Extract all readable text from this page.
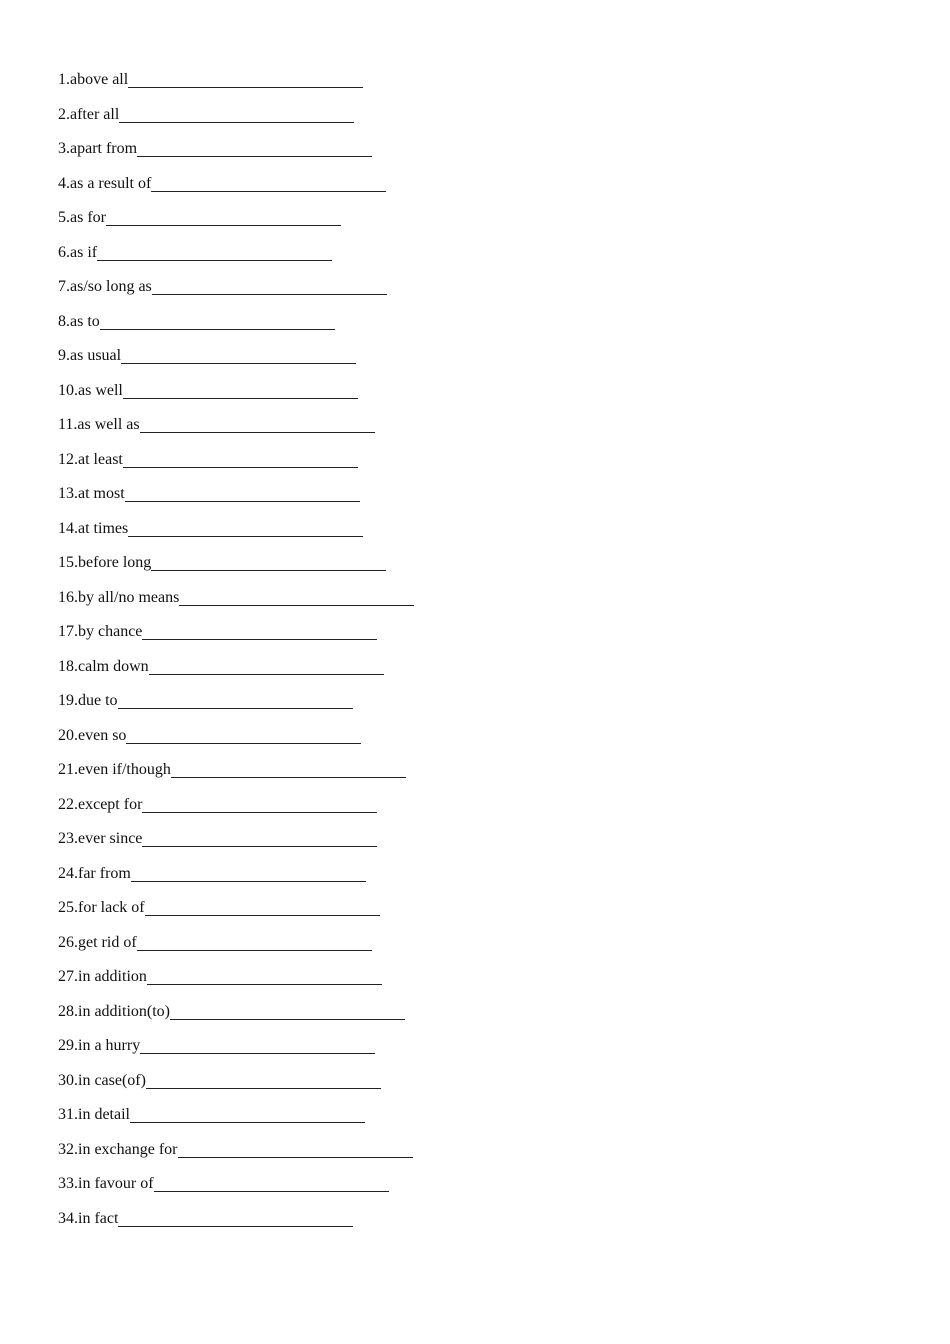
1. above all
2. after all
3. apart from
4. as a result of
5. as for
6. as if
7. as/so long as
8. as to
9. as usual
10. as well
11. as well as
12. at least
13. at most
14. at times
15. before long
16. by all/no means
17. by chance
18. calm down
19. due to
20. even so
21. even if/though
22. except for
23. ever since
24. far from
25. for lack of
26. get rid of
27. in addition
28. in addition(to)
29. in a hurry
30. in case(of)
31. in detail
32. in exchange for
33. in favour of
34. in fact
